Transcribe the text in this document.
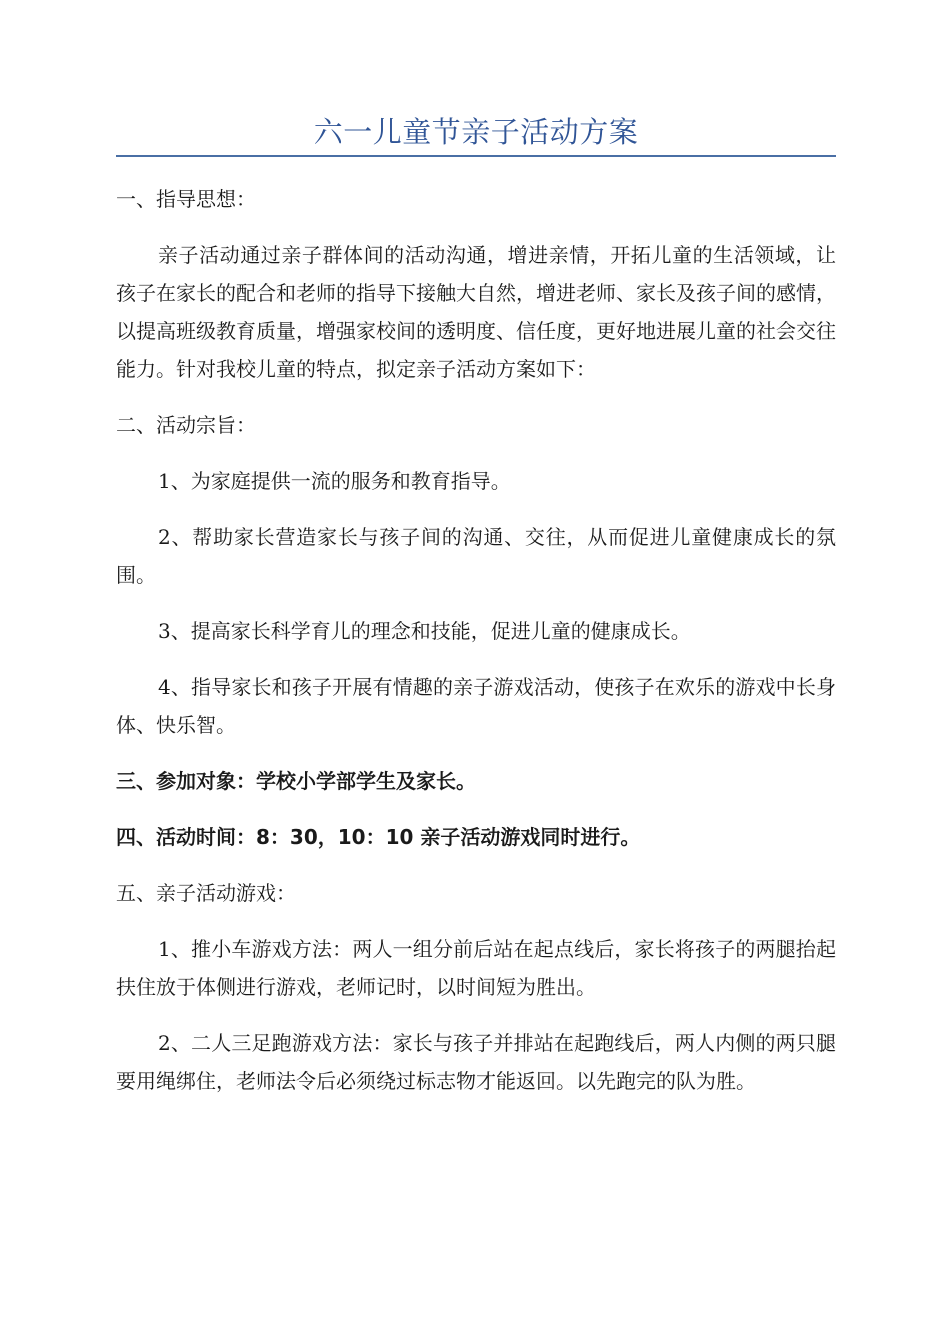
六一儿童节亲子活动方案

一、指导思想：

亲子活动通过亲子群体间的活动沟通，增进亲情，开拓儿童的生活领域，让孩子在家长的配合和老师的指导下接触大自然，增进老师、家长及孩子间的感情，以提高班级教育质量，增强家校间的透明度、信任度，更好地进展儿童的社会交往能力。针对我校儿童的特点，拟定亲子活动方案如下：

二、活动宗旨：

1、为家庭提供一流的服务和教育指导。

2、帮助家长营造家长与孩子间的沟通、交往，从而促进儿童健康成长的氛围。

3、提高家长科学育儿的理念和技能，促进儿童的健康成长。

4、指导家长和孩子开展有情趣的亲子游戏活动，使孩子在欢乐的游戏中长身体、快乐智。

三、参加对象：学校小学部学生及家长。

四、活动时间：8：30，10：10 亲子活动游戏同时进行。

五、亲子活动游戏：

1、推小车游戏方法：两人一组分前后站在起点线后，家长将孩子的两腿抬起扶住放于体侧进行游戏，老师记时，以时间短为胜出。

2、二人三足跑游戏方法：家长与孩子并排站在起跑线后，两人内侧的两只腿要用绳绑住，老师法令后必须绕过标志物才能返回。以先跑完的队为胜。
